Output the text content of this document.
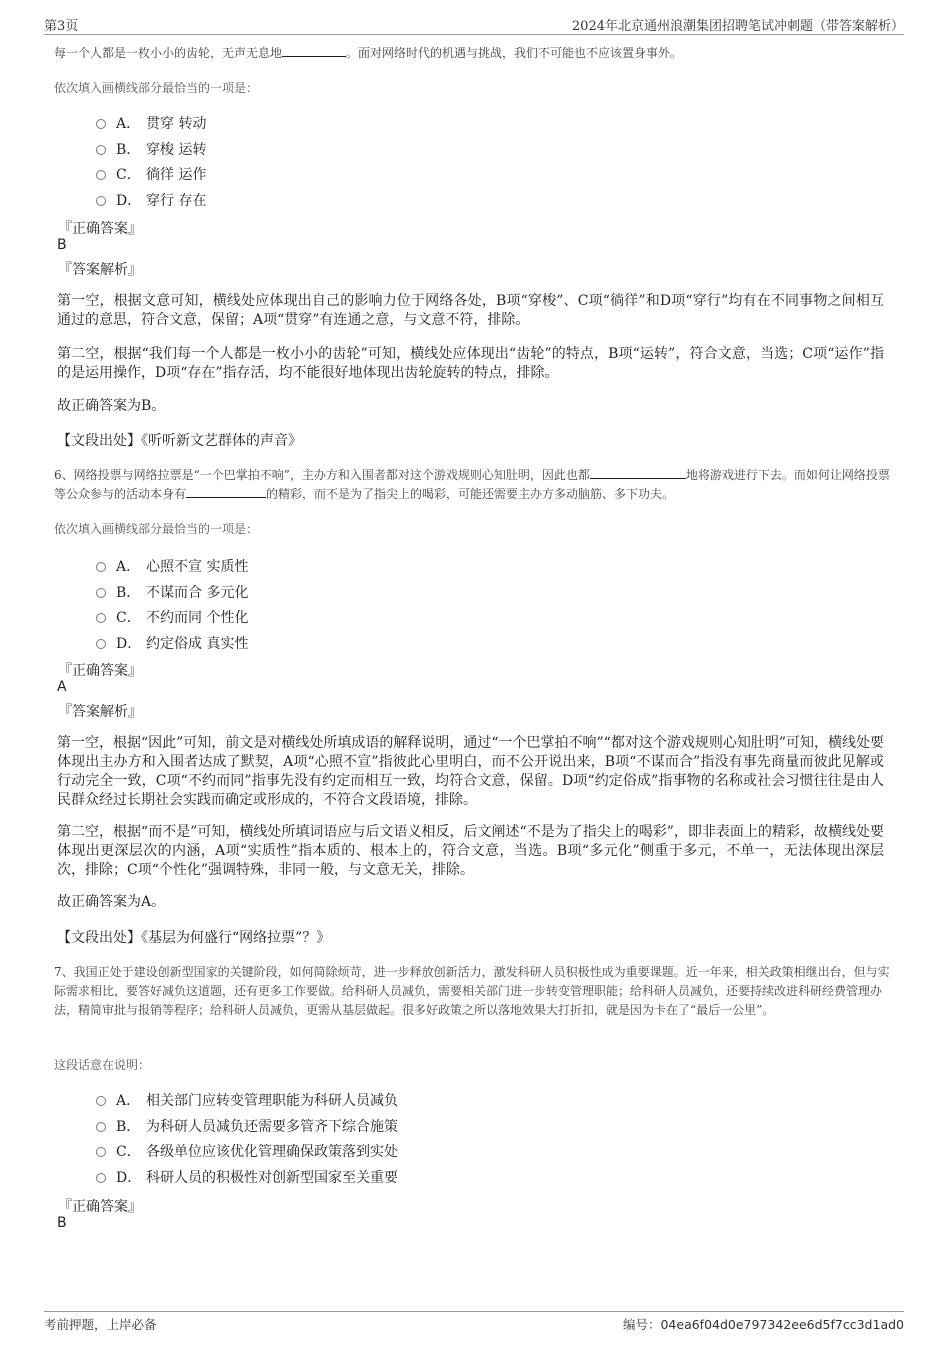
第3页	2024年北京通州浪潮集团招聘笔试冲刺题（带答案解析）
每一个人都是一枚小小的齿轮，无声无息地	。面对网络时代的机遇与挑战，我们不可能也不应该置身事外。
依次填入画横线部分最恰当的一项是：
A． 贯穿 转动
B． 穿梭 运转
C． 徜徉 运作
D． 穿行 存在
『正确答案』
B
『答案解析』
第一空，根据文意可知，横线处应体现出自己的影响力位于网络各处，B项“穿梭”、C项“徜徉”和D项“穿行”均有在不同事物之间相互通过的意思，符合文意，保留；A项“贯穿”有连通之意，与文意不符，排除。
第二空，根据“我们每一个人都是一枚小小的齿轮”可知，横线处应体现出“齿轮”的特点，B项“运转”，符合文意，当选；C项“运作”指的是运用操作，D项“存在”指存活，均不能很好地体现出齿轮旋转的特点，排除。
故正确答案为B。
【文段出处】《听听新文艺群体的声音》
6、网络投票与网络拉票是“一个巴掌拍不响”，主办方和入围者都对这个游戏规则心知肚明，因此也都	地将游戏进行下去。而如何让网络投票等公众参与的活动本身有	的精彩，而不是为了指尖上的喝彩，可能还需要主办方多动脑筋、多下功夫。
依次填入画横线部分最恰当的一项是：
A． 心照不宣 实质性
B． 不谋而合 多元化
C． 不约而同 个性化
D． 约定俗成 真实性
『正确答案』
A
『答案解析』
第一空，根据“因此”可知，前文是对横线处所填成语的解释说明，通过“一个巴掌拍不响”“都对这个游戏规则心知肚明”可知，横线处要体现出主办方和入围者达成了默契，A项“心照不宣”指彼此心里明白，而不公开说出来，B项“不谋而合”指没有事先商量而彼此见解或行动完全一致，C项“不约而同”指事先没有约定而相互一致，均符合文意，保留。D项“约定俗成”指事物的名称或社会习惯往往是由人民群众经过长期社会实践而确定或形成的，不符合文段语境，排除。
第二空，根据“而不是”可知，横线处所填词语应与后文语义相反，后文阐述“不是为了指尖上的喝彩”，即非表面上的精彩，故横线处要体现出更深层次的内涵，A项“实质性”指本质的、根本上的，符合文意，当选。B项“多元化”侧重于多元，不单一，无法体现出深层次，排除；C项“个性化”强调特殊，非同一般，与文意无关，排除。
故正确答案为A。
【文段出处】《基层为何盛行“网络拉票”？》
7、我国正处于建设创新型国家的关键阶段，如何简除烦苛，进一步释放创新活力，激发科研人员积极性成为重要课题。近一年来，相关政策相继出台，但与实际需求相比，要答好减负这道题，还有更多工作要做。给科研人员减负，需要相关部门进一步转变管理职能；给科研人员减负，还要持续改进科研经费管理办法，精简审批与报销等程序；给科研人员减负，更需从基层做起。很多好政策之所以落地效果大打折扣，就是因为卡在了“最后一公里”。
这段话意在说明：
A． 相关部门应转变管理职能为科研人员减负
B． 为科研人员减负还需要多管齐下综合施策
C． 各级单位应该优化管理确保政策落到实处
D． 科研人员的积极性对创新型国家至关重要
『正确答案』
B
考前押题，上岸必备	编号：04ea6f04d0e797342ee6d5f7cc3d1ad0
